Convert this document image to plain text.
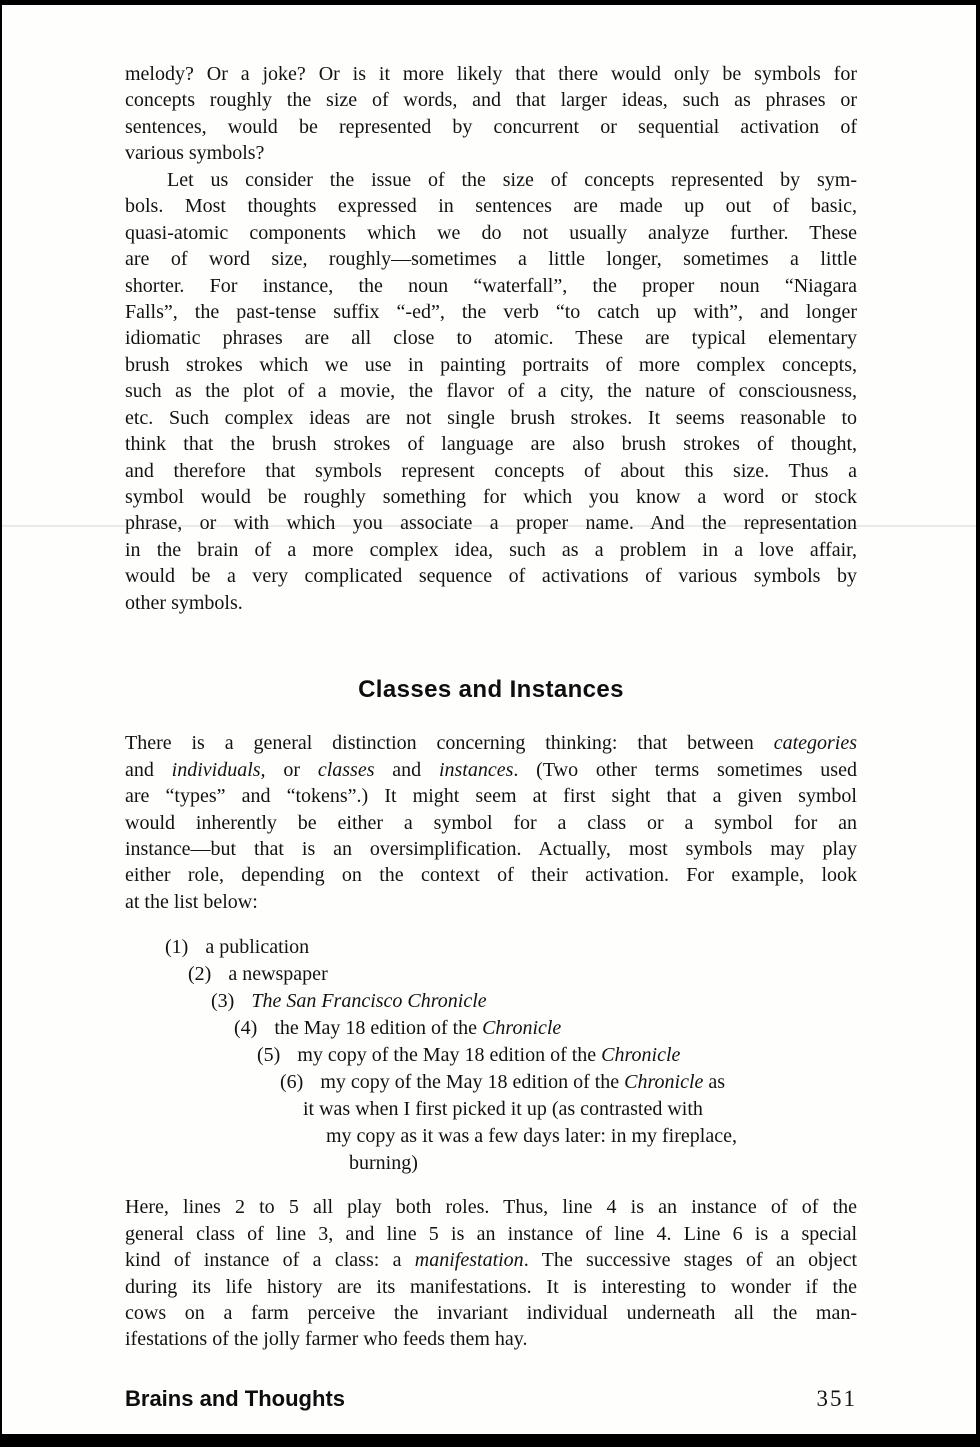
melody? Or a joke? Or is it more likely that there would only be symbols for
concepts roughly the size of words, and that larger ideas, such as phrases or
sentences, would be represented by concurrent or sequential activation of
various symbols?
Let us consider the issue of the size of concepts represented by sym-
bols. Most thoughts expressed in sentences are made up out of basic,
quasi-atomic components which we do not usually analyze further. These
are of word size, roughly—sometimes a little longer, sometimes a little
shorter. For instance, the noun “waterfall”, the proper noun “Niagara
Falls”, the past-tense suffix “-ed”, the verb “to catch up with”, and longer
idiomatic phrases are all close to atomic. These are typical elementary
brush strokes which we use in painting portraits of more complex concepts,
such as the plot of a movie, the flavor of a city, the nature of consciousness,
etc. Such complex ideas are not single brush strokes. It seems reasonable to
think that the brush strokes of language are also brush strokes of thought,
and therefore that symbols represent concepts of about this size. Thus a
symbol would be roughly something for which you know a word or stock
phrase, or with which you associate a proper name. And the representation
in the brain of a more complex idea, such as a problem in a love affair,
would be a very complicated sequence of activations of various symbols by
other symbols.
Classes and Instances
There is a general distinction concerning thinking: that between categories
and individuals, or classes and instances. (Two other terms sometimes used
are “types” and “tokens”.) It might seem at first sight that a given symbol
would inherently be either a symbol for a class or a symbol for an
instance—but that is an oversimplification. Actually, most symbols may play
either role, depending on the context of their activation. For example, look
at the list below:
(1) a publication
(2) a newspaper
(3) The San Francisco Chronicle
(4) the May 18 edition of the Chronicle
(5) my copy of the May 18 edition of the Chronicle
(6) my copy of the May 18 edition of the Chronicle as
it was when I first picked it up (as contrasted with
my copy as it was a few days later: in my fireplace,
burning)
Here, lines 2 to 5 all play both roles. Thus, line 4 is an instance of of the
general class of line 3, and line 5 is an instance of line 4. Line 6 is a special
kind of instance of a class: a manifestation. The successive stages of an object
during its life history are its manifestations. It is interesting to wonder if the
cows on a farm perceive the invariant individual underneath all the man-
ifestations of the jolly farmer who feeds them hay.
Brains and Thoughts	351
